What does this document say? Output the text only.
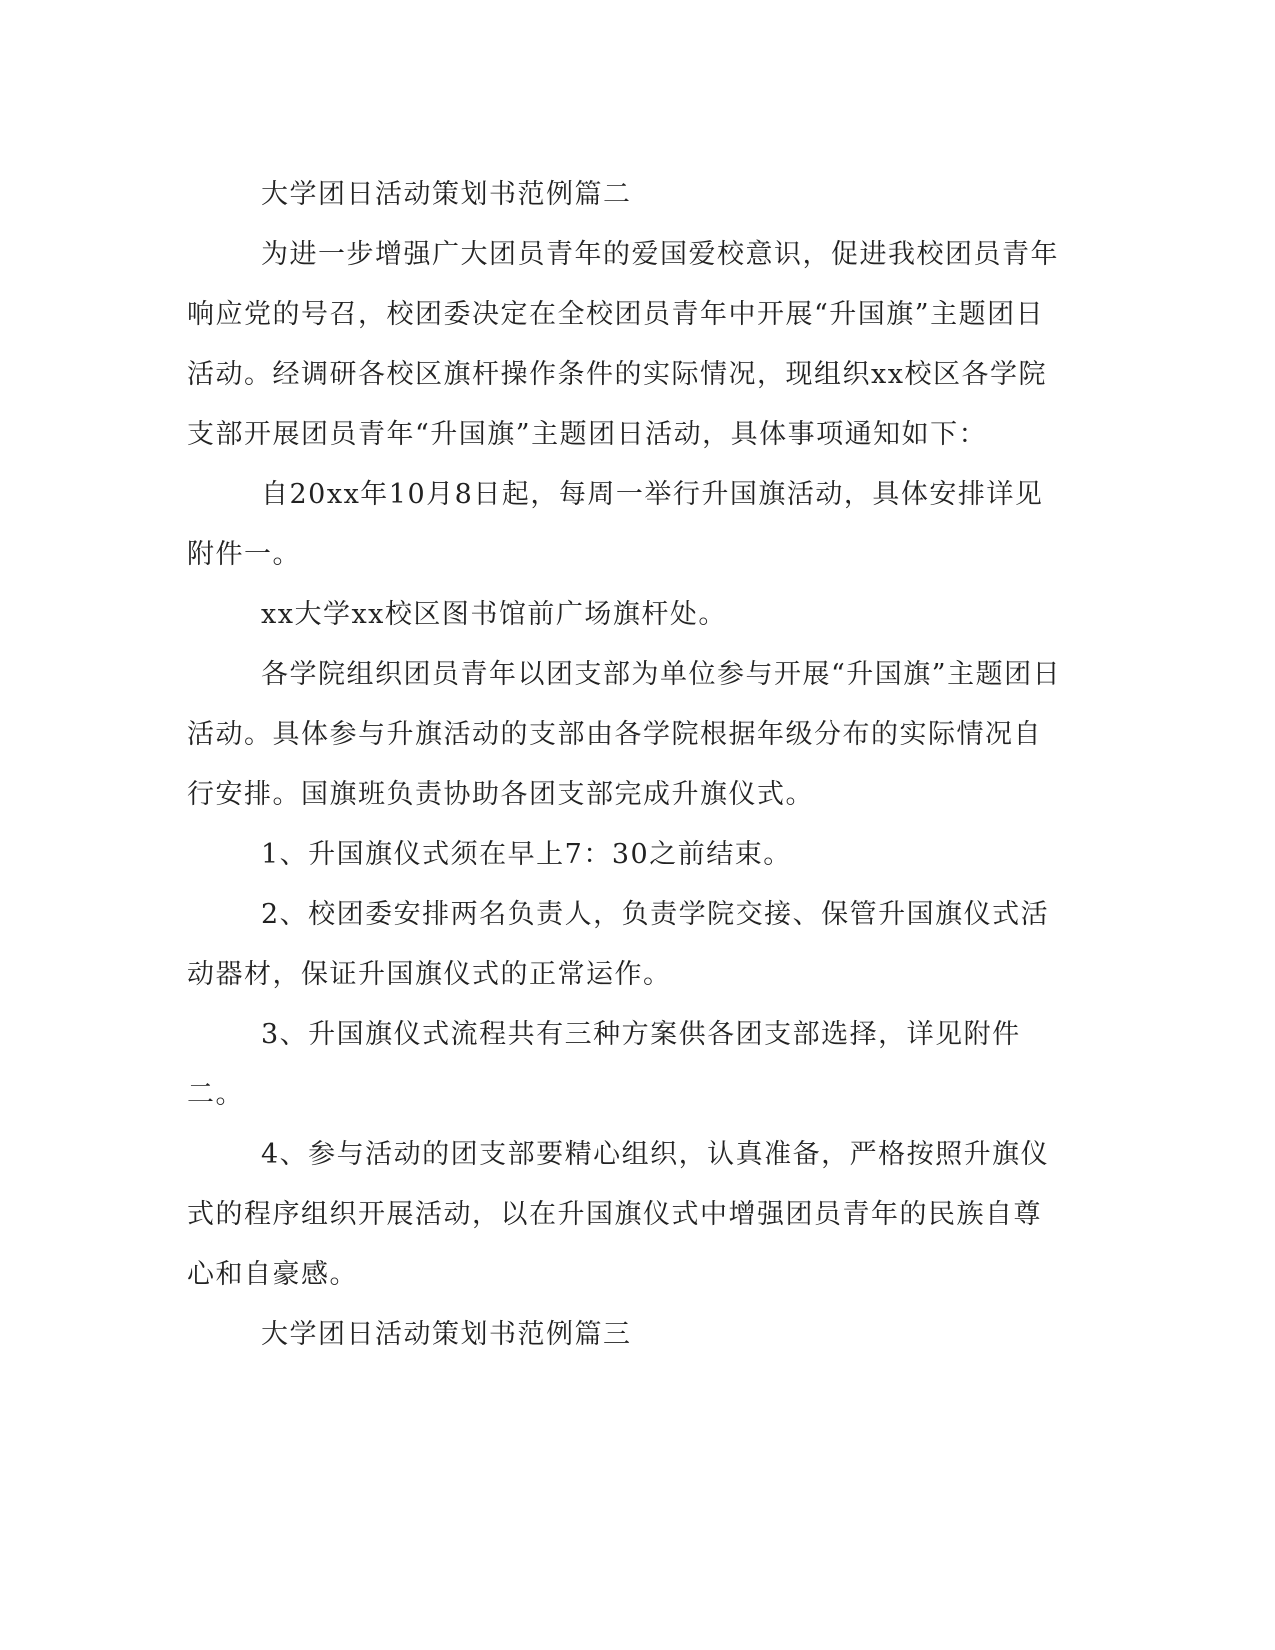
大学团日活动策划书范例篇二

为进一步增强广大团员青年的爱国爱校意识，促进我校团员青年响应党的号召，校团委决定在全校团员青年中开展“升国旗”主题团日活动。经调研各校区旗杆操作条件的实际情况，现组织xx校区各学院支部开展团员青年“升国旗”主题团日活动，具体事项通知如下：

自20xx年10月8日起，每周一举行升国旗活动，具体安排详见附件一。

xx大学xx校区图书馆前广场旗杆处。

各学院组织团员青年以团支部为单位参与开展“升国旗”主题团日活动。具体参与升旗活动的支部由各学院根据年级分布的实际情况自行安排。国旗班负责协助各团支部完成升旗仪式。

1、升国旗仪式须在早上7：30之前结束。

2、校团委安排两名负责人，负责学院交接、保管升国旗仪式活动器材，保证升国旗仪式的正常运作。

3、升国旗仪式流程共有三种方案供各团支部选择，详见附件二。

4、参与活动的团支部要精心组织，认真准备，严格按照升旗仪式的程序组织开展活动，以在升国旗仪式中增强团员青年的民族自尊心和自豪感。

大学团日活动策划书范例篇三
